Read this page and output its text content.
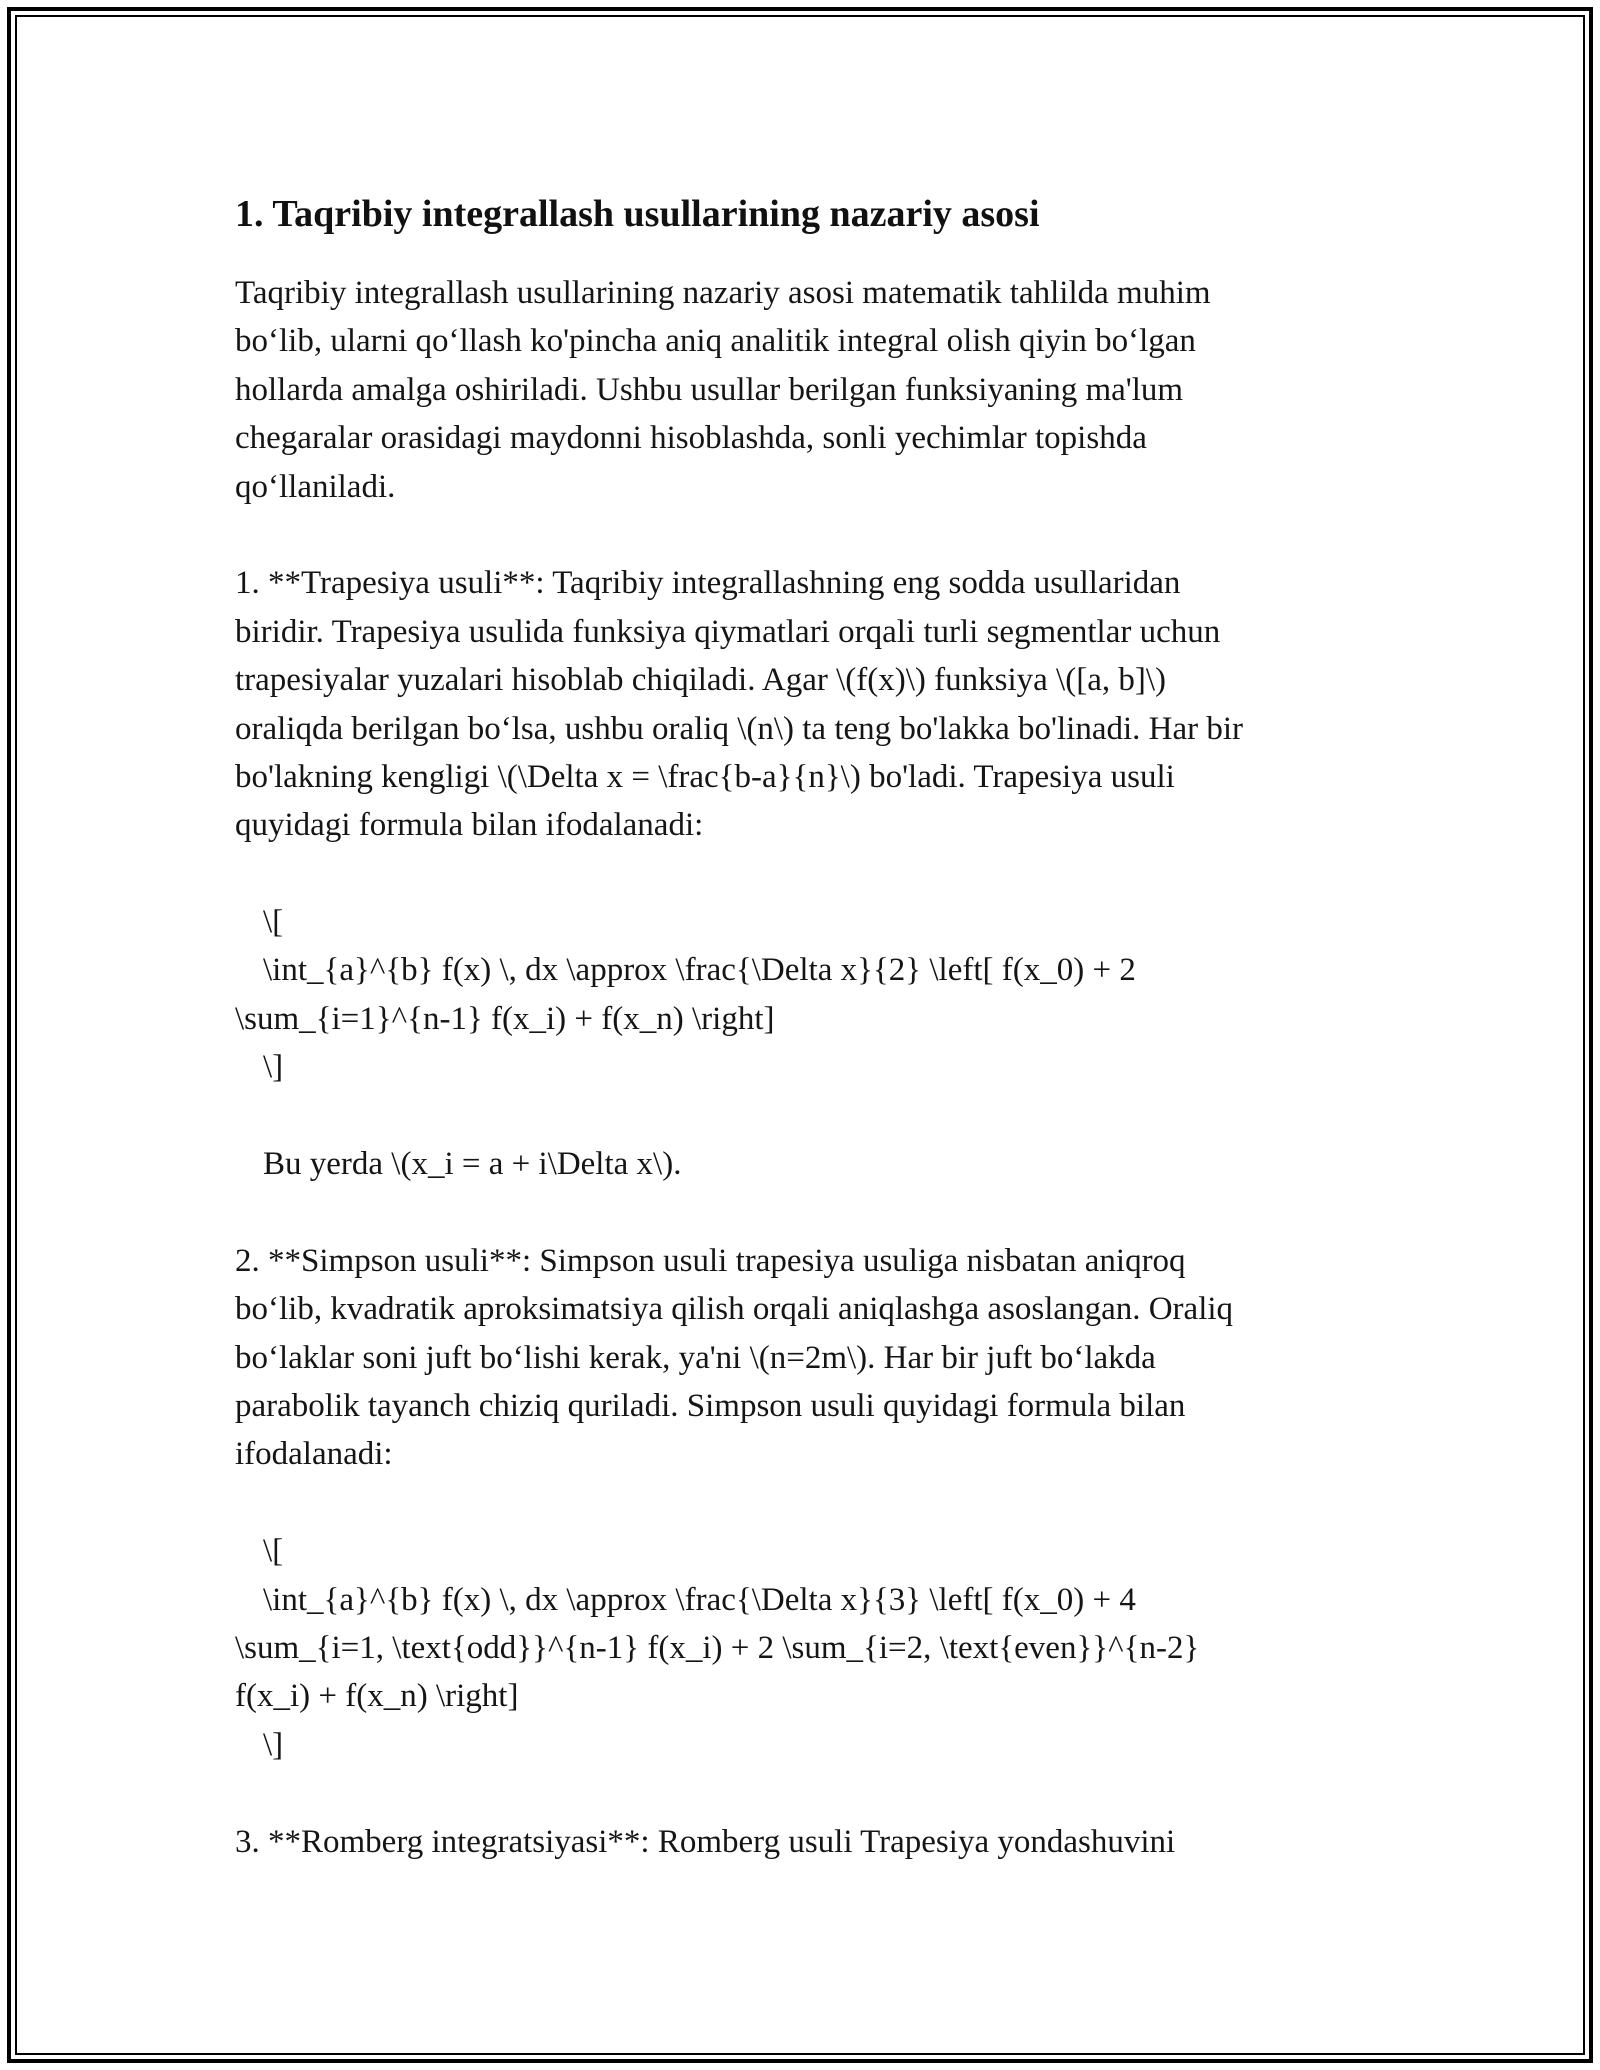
1. Taqribiy integrallash usullarining nazariy asosi
Taqribiy integrallash usullarining nazariy asosi matematik tahlilda muhim
bo‘lib, ularni qo‘llash ko'pincha aniq analitik integral olish qiyin bo‘lgan
hollarda amalga oshiriladi. Ushbu usullar berilgan funksiyaning ma'lum
chegaralar orasidagi maydonni hisoblashda, sonli yechimlar topishda
qo‘llaniladi.
1. **Trapesiya usuli**: Taqribiy integrallashning eng sodda usullaridan
biridir. Trapesiya usulida funksiya qiymatlari orqali turli segmentlar uchun
trapesiyalar yuzalari hisoblab chiqiladi. Agar \(f(x)\) funksiya \([a, b]\)
oraliqda berilgan bo‘lsa, ushbu oraliq \(n\) ta teng bo'lakka bo'linadi. Har bir
bo'lakning kengligi \(\Delta x = \frac{b-a}{n}\) bo'ladi. Trapesiya usuli
quyidagi formula bilan ifodalanadi:
\[
\int_{a}^{b} f(x) \, dx \approx \frac{\Delta x}{2} \left[ f(x_0) + 2
\sum_{i=1}^{n-1} f(x_i) + f(x_n) \right]
\]
Bu yerda \(x_i = a + i\Delta x\).
2. **Simpson usuli**: Simpson usuli trapesiya usuliga nisbatan aniqroq
bo‘lib, kvadratik aproksimatsiya qilish orqali aniqlashga asoslangan. Oraliq
bo‘laklar soni juft bo‘lishi kerak, ya'ni \(n=2m\). Har bir juft bo‘lakda
parabolik tayanch chiziq quriladi. Simpson usuli quyidagi formula bilan
ifodalanadi:
\[
\int_{a}^{b} f(x) \, dx \approx \frac{\Delta x}{3} \left[ f(x_0) + 4
\sum_{i=1, \text{odd}}^{n-1} f(x_i) + 2 \sum_{i=2, \text{even}}^{n-2}
f(x_i) + f(x_n) \right]
\]
3. **Romberg integratsiyasi**: Romberg usuli Trapesiya yondashuvini
